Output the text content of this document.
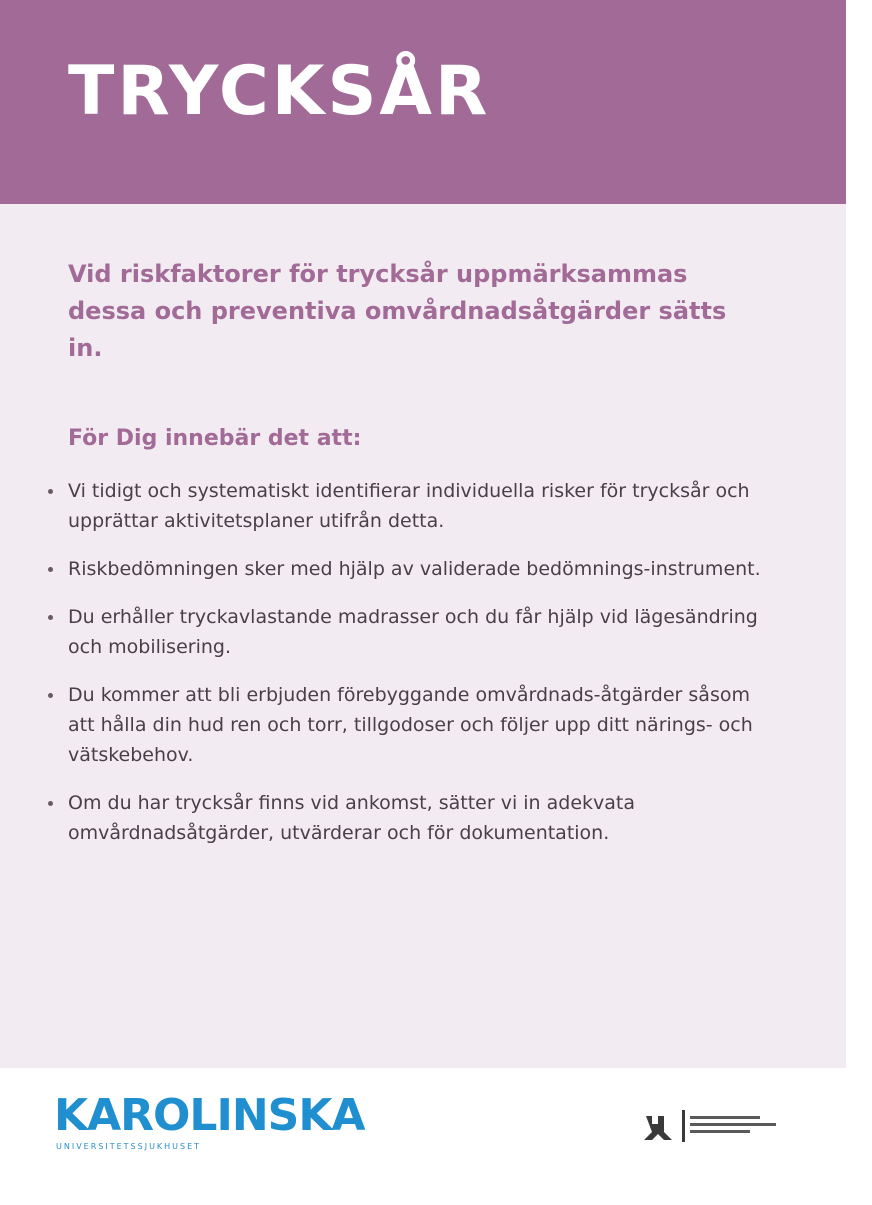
TRYCKSÅR

Vid riskfaktorer för trycksår uppmärksammas dessa och preventiva omvårdnadsåtgärder sätts in.

För Dig innebär det att:
Vi tidigt och systematiskt identifierar individuella risker för trycksår och upprättar aktivitetsplaner utifrån detta.
Riskbedömningen sker med hjälp av validerade bedömnings-instrument.
Du erhåller tryckavlastande madrasser och du får hjälp vid lägesändring och mobilisering.
Du kommer att bli erbjuden förebyggande omvårdnads-åtgärder såsom att hålla din hud ren och torr, tillgodoser och följer upp ditt närings- och vätskebehov.
Om du har trycksår finns vid ankomst, sätter vi in adekvata omvårdnadsåtgärder, utvärderar och för dokumentation.
KAROLINSKA
UNIVERSITETSSJUKHUSET
